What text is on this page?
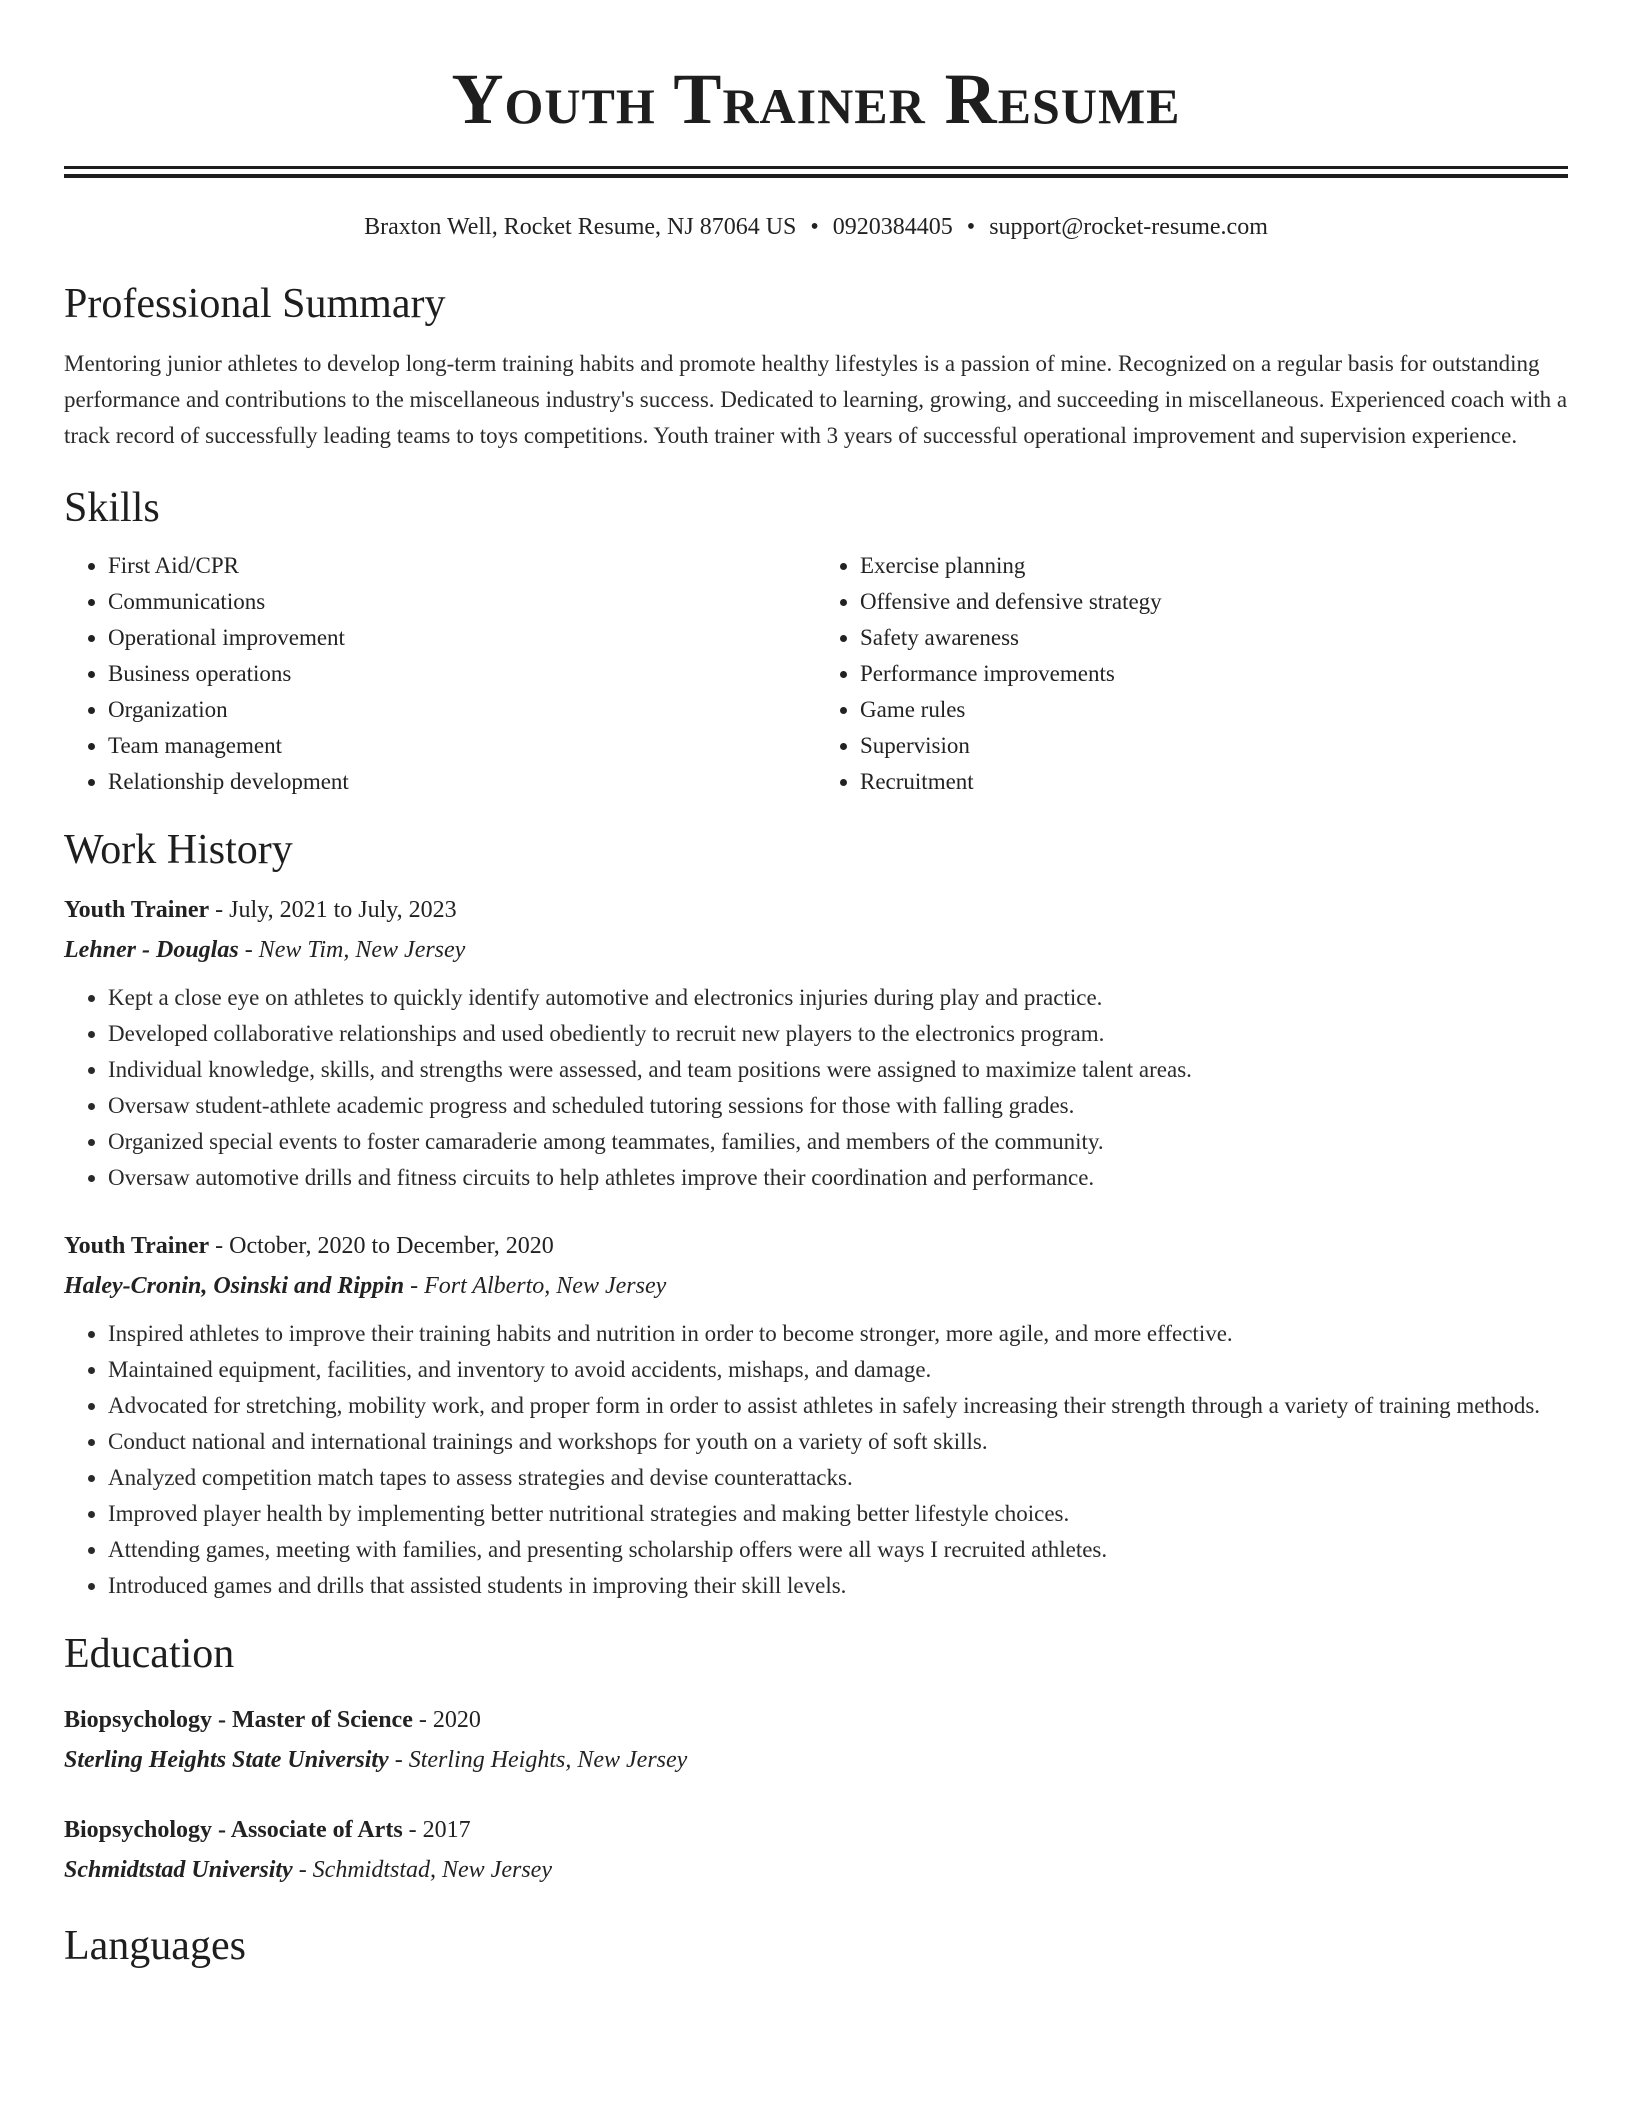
Youth Trainer Resume
Braxton Well, Rocket Resume, NJ 87064 US • 0920384405 • support@rocket-resume.com
Professional Summary

Mentoring junior athletes to develop long-term training habits and promote healthy lifestyles is a passion of mine. Recognized on a regular basis for outstanding performance and contributions to the miscellaneous industry's success. Dedicated to learning, growing, and succeeding in miscellaneous. Experienced coach with a track record of successfully leading teams to toys competitions. Youth trainer with 3 years of successful operational improvement and supervision experience.

Skills
• First Aid/CPR
• Communications
• Operational improvement
• Business operations
• Organization
• Team management
• Relationship development
• Exercise planning
• Offensive and defensive strategy
• Safety awareness
• Performance improvements
• Game rules
• Supervision
• Recruitment
Work History
Youth Trainer - July, 2021 to July, 2023
Lehner - Douglas - New Tim, New Jersey
• Kept a close eye on athletes to quickly identify automotive and electronics injuries during play and practice.
• Developed collaborative relationships and used obediently to recruit new players to the electronics program.
• Individual knowledge, skills, and strengths were assessed, and team positions were assigned to maximize talent areas.
• Oversaw student-athlete academic progress and scheduled tutoring sessions for those with falling grades.
• Organized special events to foster camaraderie among teammates, families, and members of the community.
• Oversaw automotive drills and fitness circuits to help athletes improve their coordination and performance.
Youth Trainer - October, 2020 to December, 2020
Haley-Cronin, Osinski and Rippin - Fort Alberto, New Jersey
• Inspired athletes to improve their training habits and nutrition in order to become stronger, more agile, and more effective.
• Maintained equipment, facilities, and inventory to avoid accidents, mishaps, and damage.
• Advocated for stretching, mobility work, and proper form in order to assist athletes in safely increasing their strength through a variety of training methods.
• Conduct national and international trainings and workshops for youth on a variety of soft skills.
• Analyzed competition match tapes to assess strategies and devise counterattacks.
• Improved player health by implementing better nutritional strategies and making better lifestyle choices.
• Attending games, meeting with families, and presenting scholarship offers were all ways I recruited athletes.
• Introduced games and drills that assisted students in improving their skill levels.
Education
Biopsychology - Master of Science - 2020
Sterling Heights State University - Sterling Heights, New Jersey
Biopsychology - Associate of Arts - 2017
Schmidtstad University - Schmidtstad, New Jersey
Languages
